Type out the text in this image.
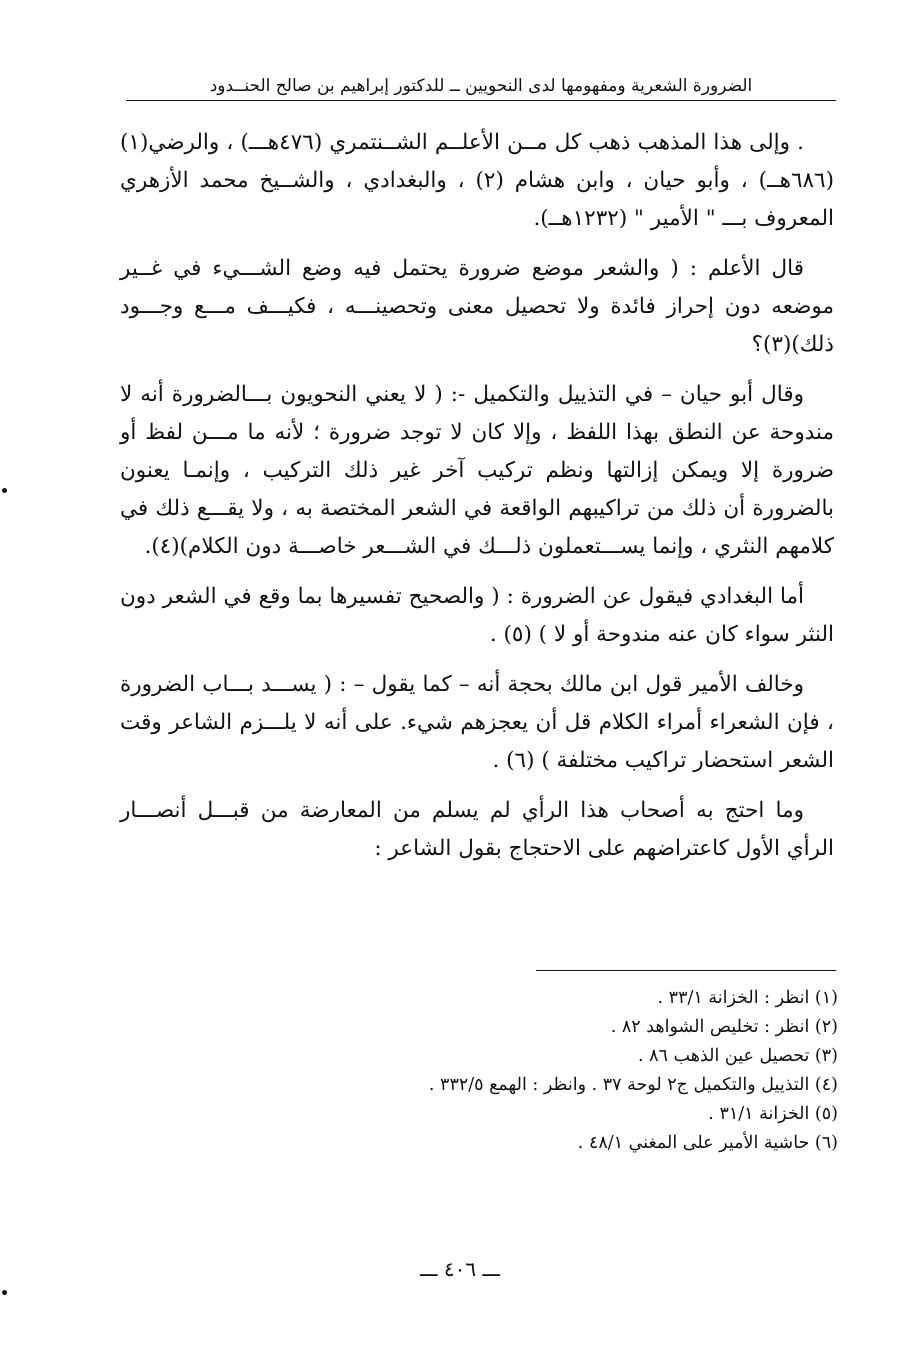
الضرورة الشعرية ومفهومها لدى النحويين ــ للدكتور إبراهيم بن صالح الحنــدود

. وإلى هذا المذهب ذهب كل مــن الأعلــم الشــنتمري (٤٧٦هـــ) ، والرضي(١) (٦٨٦هــ) ، وأبو حيان ، وابن هشام (٢) ، والبغدادي ، والشــيخ محمد الأزهري المعروف بـــ " الأمير " (١٢٣٢هــ).

قال الأعلم : ( والشعر موضع ضرورة يحتمل فيه وضع الشـــيء في غــير موضعه دون إحراز فائدة ولا تحصيل معنى وتحصينـــه ، فكيـــف مـــع وجـــود ذلك)(٣)؟

وقال أبو حيان – في التذييل والتكميل -: ( لا يعني النحويون بـــالضرورة أنه لا مندوحة عن النطق بهذا اللفظ ، وإلا كان لا توجد ضرورة ؛ لأنه ما مـــن لفظ أو ضرورة إلا ويمكن إزالتها ونظم تركيب آخر غير ذلك التركيب ، وإنمـا يعنون بالضرورة أن ذلك من تراكيبهم الواقعة في الشعر المختصة به ، ولا يقـــع ذلك في كلامهم النثري ، وإنما يســـتعملون ذلـــك في الشـــعر خاصـــة دون الكلام)(٤).

أما البغدادي فيقول عن الضرورة : ( والصحيح تفسيرها بما وقع في الشعر دون النثر سواء كان عنه مندوحة أو لا ) (٥) .

وخالف الأمير قول ابن مالك بحجة أنه – كما يقول – : ( يســـد بـــاب الضرورة ، فإن الشعراء أمراء الكلام قل أن يعجزهم شيء. على أنه لا يلـــزم الشاعر وقت الشعر استحضار تراكيب مختلفة ) (٦) .

وما احتج به أصحاب هذا الرأي لم يسلم من المعارضة من قبـــل أنصـــار الرأي الأول كاعتراضهم على الاحتجاج بقول الشاعر :

(١) انظر : الخزانة ٣٣/١ .

(٢) انظر : تخليص الشواهد ٨٢ .

(٣) تحصيل عين الذهب ٨٦ .

(٤) التذييل والتكميل ج٢ لوحة ٣٧ . وانظر : الهمع ٣٣٢/٥ .

(٥) الخزانة ٣١/١ .

(٦) حاشية الأمير على المغني ٤٨/١ .

ـــ ٤٠٦ ـــ
